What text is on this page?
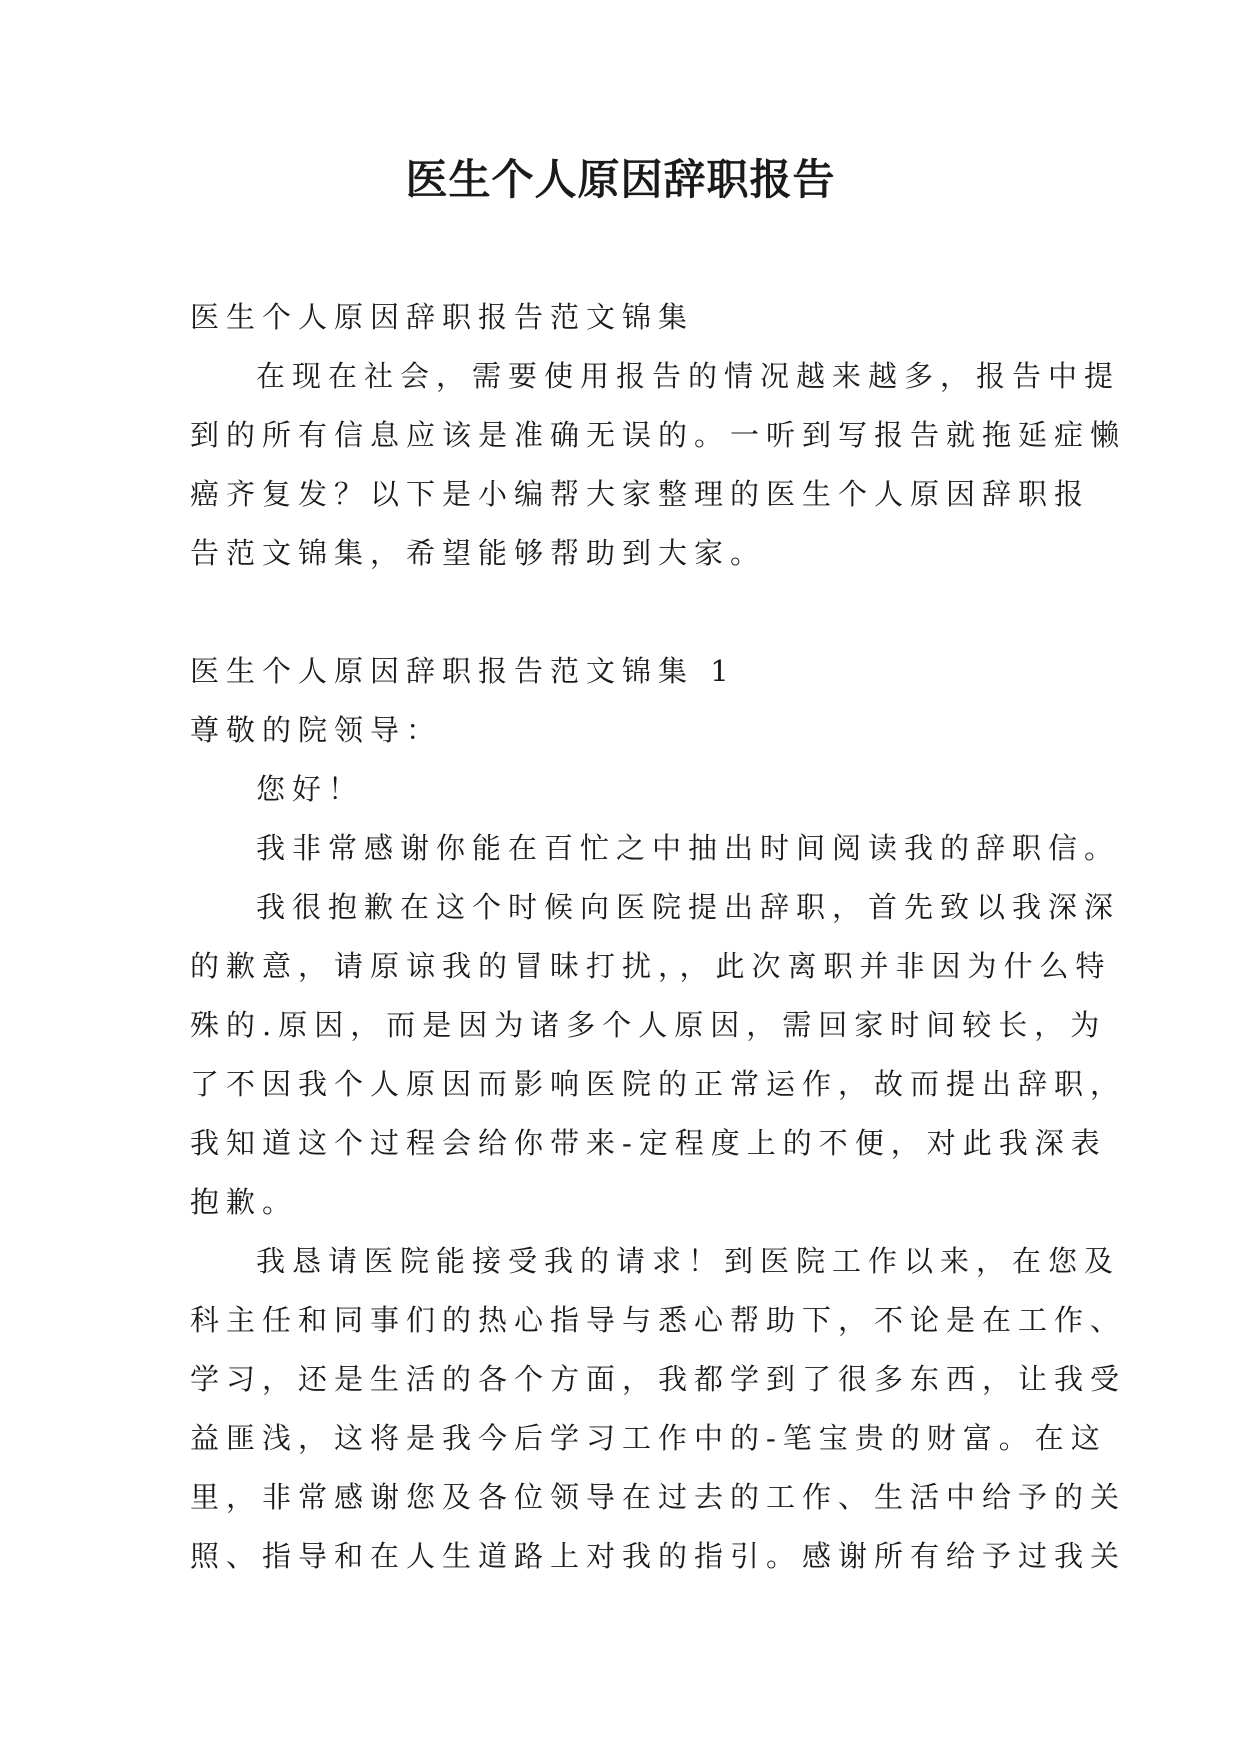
医生个人原因辞职报告

医生个人原因辞职报告范文锦集

在现在社会，需要使用报告的情况越来越多，报告中提

到的所有信息应该是准确无误的。一听到写报告就拖延症懒

癌齐复发？以下是小编帮大家整理的医生个人原因辞职报

告范文锦集，希望能够帮助到大家。

医生个人原因辞职报告范文锦集 1

尊敬的院领导：

您好！

我非常感谢你能在百忙之中抽出时间阅读我的辞职信。

我很抱歉在这个时候向医院提出辞职，首先致以我深深

的歉意，请原谅我的冒昧打扰，，此次离职并非因为什么特

殊的.原因，而是因为诸多个人原因，需回家时间较长，为

了不因我个人原因而影响医院的正常运作，故而提出辞职，

我知道这个过程会给你带来-定程度上的不便，对此我深表

抱歉。

我恳请医院能接受我的请求！到医院工作以来，在您及

科主任和同事们的热心指导与悉心帮助下，不论是在工作、

学习，还是生活的各个方面，我都学到了很多东西，让我受

益匪浅，这将是我今后学习工作中的-笔宝贵的财富。在这

里，非常感谢您及各位领导在过去的工作、生活中给予的关

照、指导和在人生道路上对我的指引。感谢所有给予过我关
